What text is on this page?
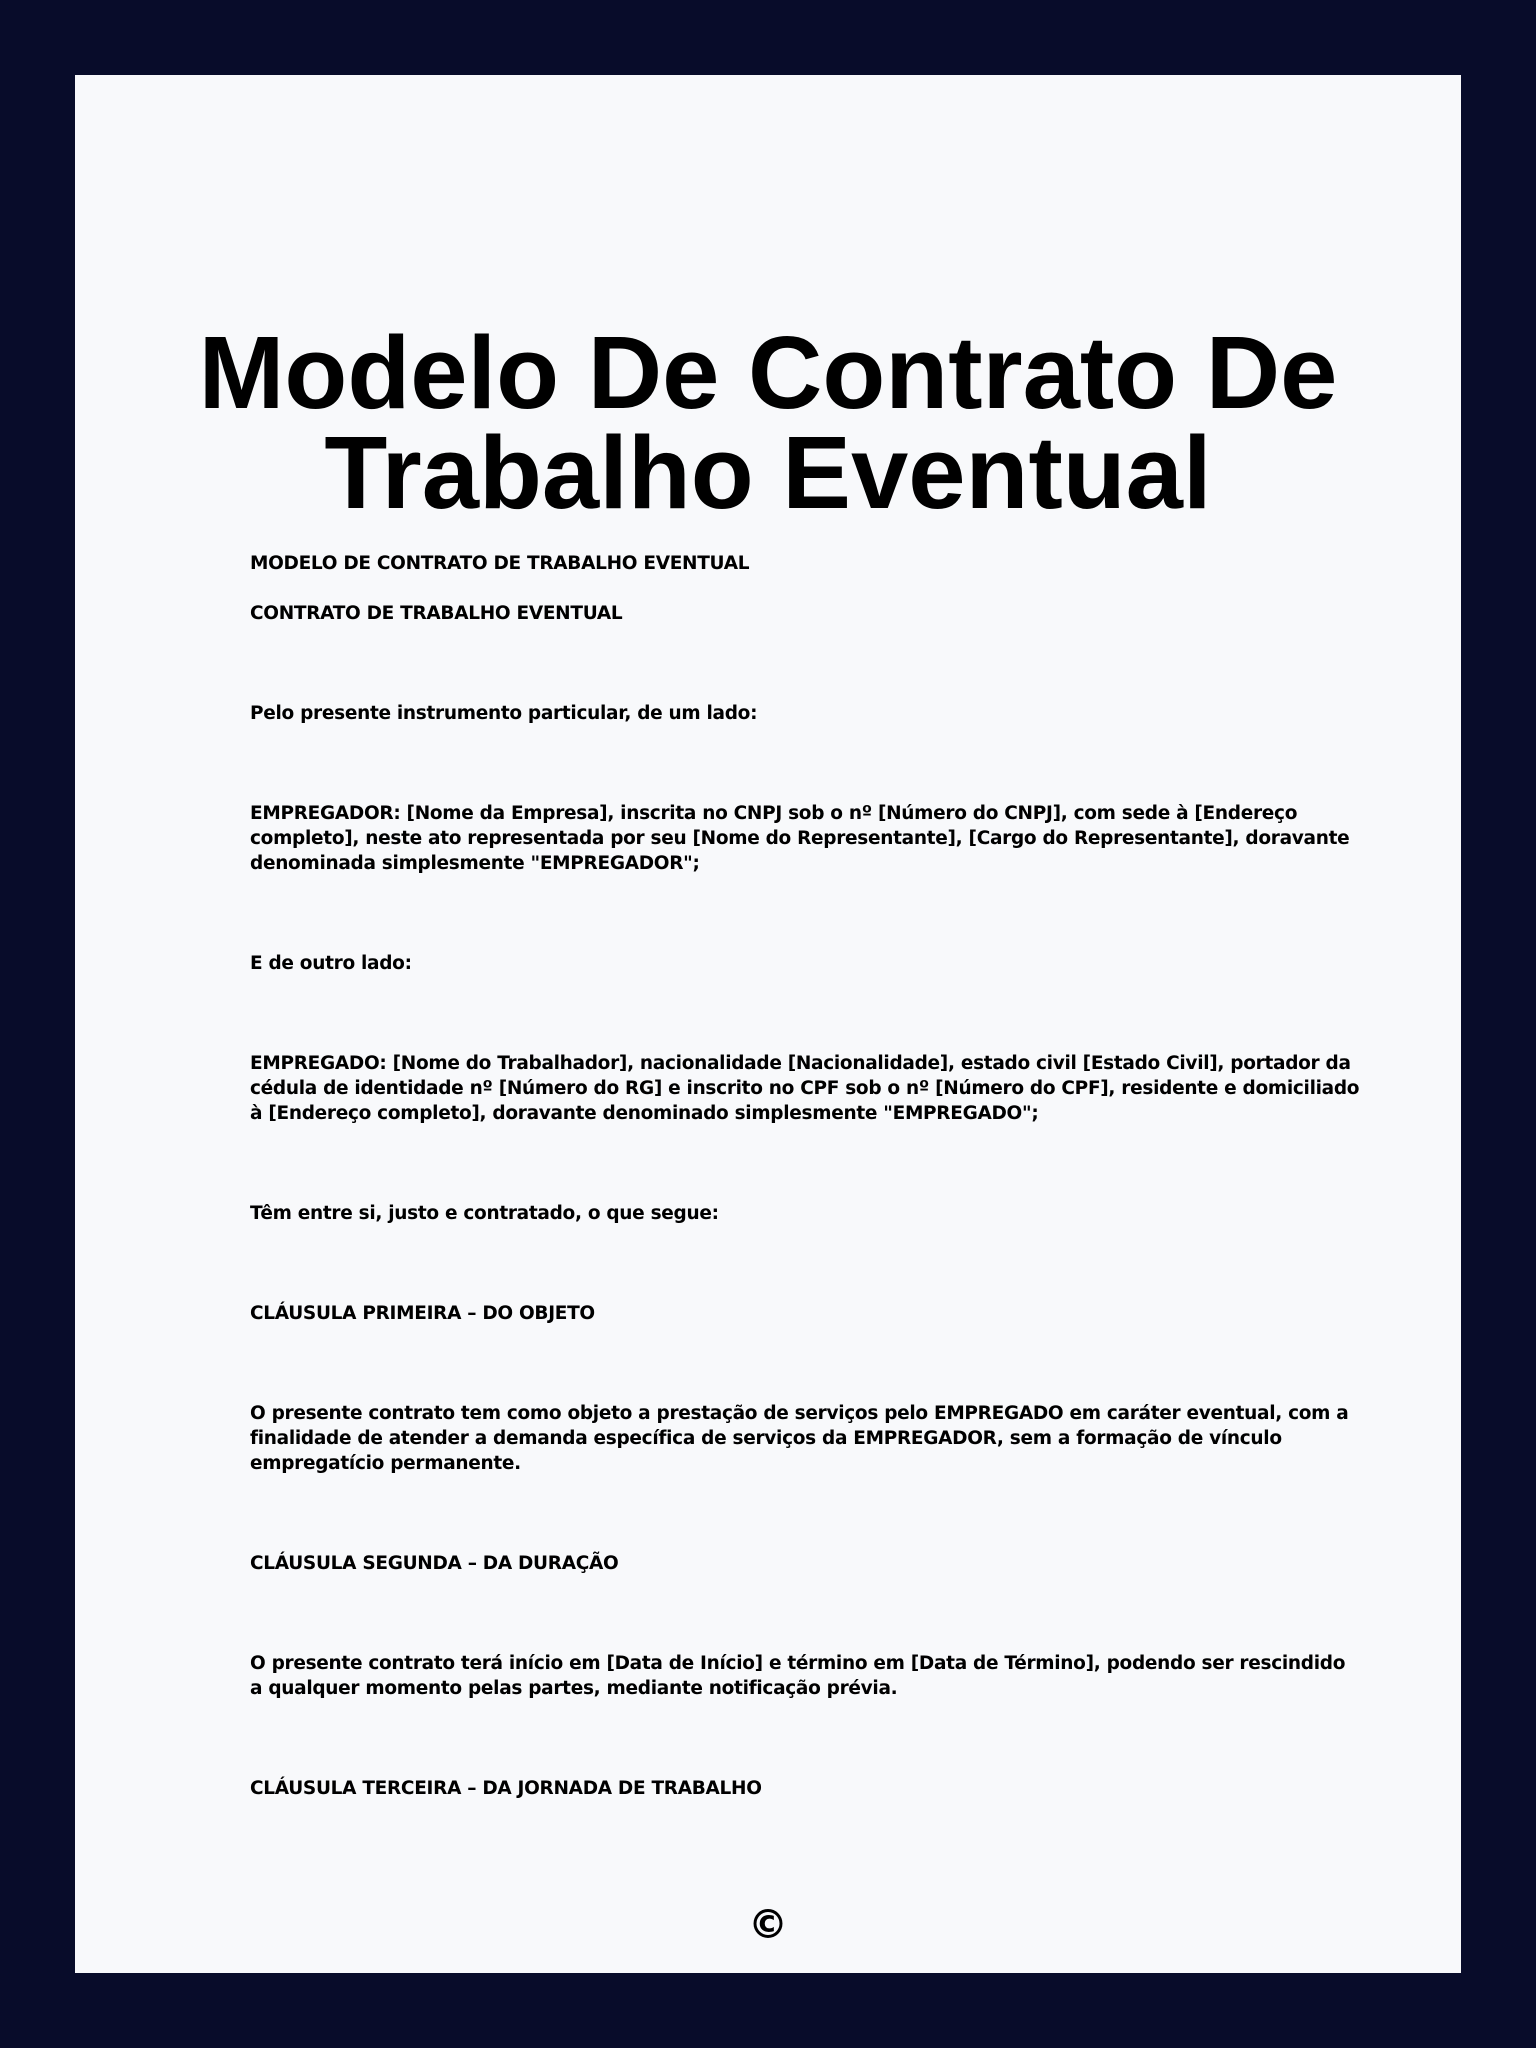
Modelo De Contrato De
Trabalho Eventual

MODELO DE CONTRATO DE TRABALHO EVENTUAL

CONTRATO DE TRABALHO EVENTUAL

Pelo presente instrumento particular, de um lado:

EMPREGADOR: [Nome da Empresa], inscrita no CNPJ sob o nº [Número do CNPJ], com sede à [Endereço completo], neste ato representada por seu [Nome do Representante], [Cargo do Representante], doravante denominada simplesmente "EMPREGADOR";

E de outro lado:

EMPREGADO: [Nome do Trabalhador], nacionalidade [Nacionalidade], estado civil [Estado Civil], portador da cédula de identidade nº [Número do RG] e inscrito no CPF sob o nº [Número do CPF], residente e domiciliado à [Endereço completo], doravante denominado simplesmente "EMPREGADO";

Têm entre si, justo e contratado, o que segue:

CLÁUSULA PRIMEIRA – DO OBJETO

O presente contrato tem como objeto a prestação de serviços pelo EMPREGADO em caráter eventual, com a finalidade de atender a demanda específica de serviços da EMPREGADOR, sem a formação de vínculo empregatício permanente.

CLÁUSULA SEGUNDA – DA DURAÇÃO

O presente contrato terá início em [Data de Início] e término em [Data de Término], podendo ser rescindido a qualquer momento pelas partes, mediante notificação prévia.

CLÁUSULA TERCEIRA – DA JORNADA DE TRABALHO

©
